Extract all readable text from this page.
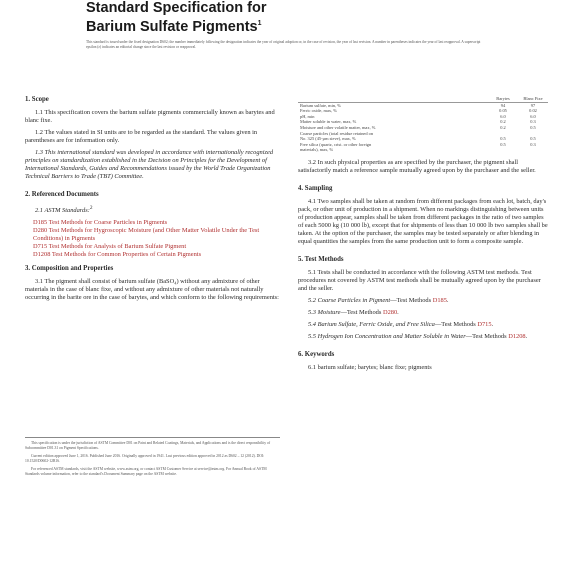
Standard Specification for
Barium Sulfate Pigments$^1$
This standard is issued under the fixed designation D602; the number immediately following the designation indicates the year of original adoption or, in the case of revision, the year of last revision. A number in parentheses indicates the year of last reapproval. A superscript epsilon (ε) indicates an editorial change since the last revision or reapproval.
1. Scope
1.1 This specification covers the barium sulfate pigments commercially known as barytes and blanc fixe.
1.2 The values stated in SI units are to be regarded as the standard. The values given in parentheses are for information only.
1.3 This international standard was developed in accordance with internationally recognized principles on standardization established in the Decision on Principles for the Development of International Standards, Guides and Recommendations issued by the World Trade Organization Technical Barriers to Trade (TBT) Committee.
2. Referenced Documents
2.1 ASTM Standards:$^2$
D185 Test Methods for Coarse Particles in Pigments
D280 Test Methods for Hygroscopic Moisture (and Other Matter Volatile Under the Test Conditions) in Pigments
D715 Test Methods for Analysis of Barium Sulfate Pigment
D1208 Test Methods for Common Properties of Certain Pigments
3. Composition and Properties
3.1 The pigment shall consist of barium sulfate (BaSO₄) without any admixture of other materials in the case of blanc fixe, and without any admixture of other materials not naturally occurring in the barite ore in the case of barytes, and which conform to the following requirements:
	Barytes	Blanc Fixe
Barium sulfate, min, %	94	97
Ferric oxide, max, %	0.05	0.02
pH, min	6.0	6.0
Matter soluble in water, max, %	0.2	0.3
Moisture and other volatile matter, max, %	0.2	0.5
Coarse particles (total residue retained on		
No. 325 (45-µm sieve), max, %	0.5	0.5
Free silica (quartz, crist. or other foreign	0.5	0.3
materials), max, %		
3.2 In such physical properties as are specified by the purchaser, the pigment shall satisfactorily match a reference sample mutually agreed upon by the purchaser and the seller.
4. Sampling
4.1 Two samples shall be taken at random from different packages from each lot, batch, day's pack, or other unit of production in a shipment. When no markings distinguishing between units of production appear, samples shall be taken from different packages in the ratio of two samples of each 5000 kg (10 000 lb), except that for shipments of less than 10 000 lb two samples shall be taken. At the option of the purchaser, the samples may be tested separately or after blending in equal quantities the samples from the same production unit to form a composite sample.
5. Test Methods
5.1 Tests shall be conducted in accordance with the following ASTM test methods. Test procedures not covered by ASTM test methods shall be mutually agreed upon by the purchaser and the seller.
5.2 Coarse Particles in Pigment—Test Methods D185.
5.3 Moisture—Test Methods D280.
5.4 Barium Sulfate, Ferric Oxide, and Free Silica—Test Methods D715.
5.5 Hydrogen Ion Concentration and Matter Soluble in Water—Test Methods D1208.
6. Keywords
6.1 barium sulfate; barytes; blanc fixe; pigments

This specification is under the jurisdiction of ASTM Committee D01 on Paint and Related Coatings, Materials, and Applications and is the direct responsibility of Subcommittee D01.31 on Pigment Specifications.

Current edition approved June 1, 2016. Published June 2016. Originally approved in 1941. Last previous edition approved in 2012 as D602 – 12 (2012). DOI: 10.1520/D0602-12R16.

For referenced ASTM standards, visit the ASTM website, www.astm.org, or contact ASTM Customer Service at service@astm.org. For Annual Book of ASTM Standards volume information, refer to the standard's Document Summary page on the ASTM website.
